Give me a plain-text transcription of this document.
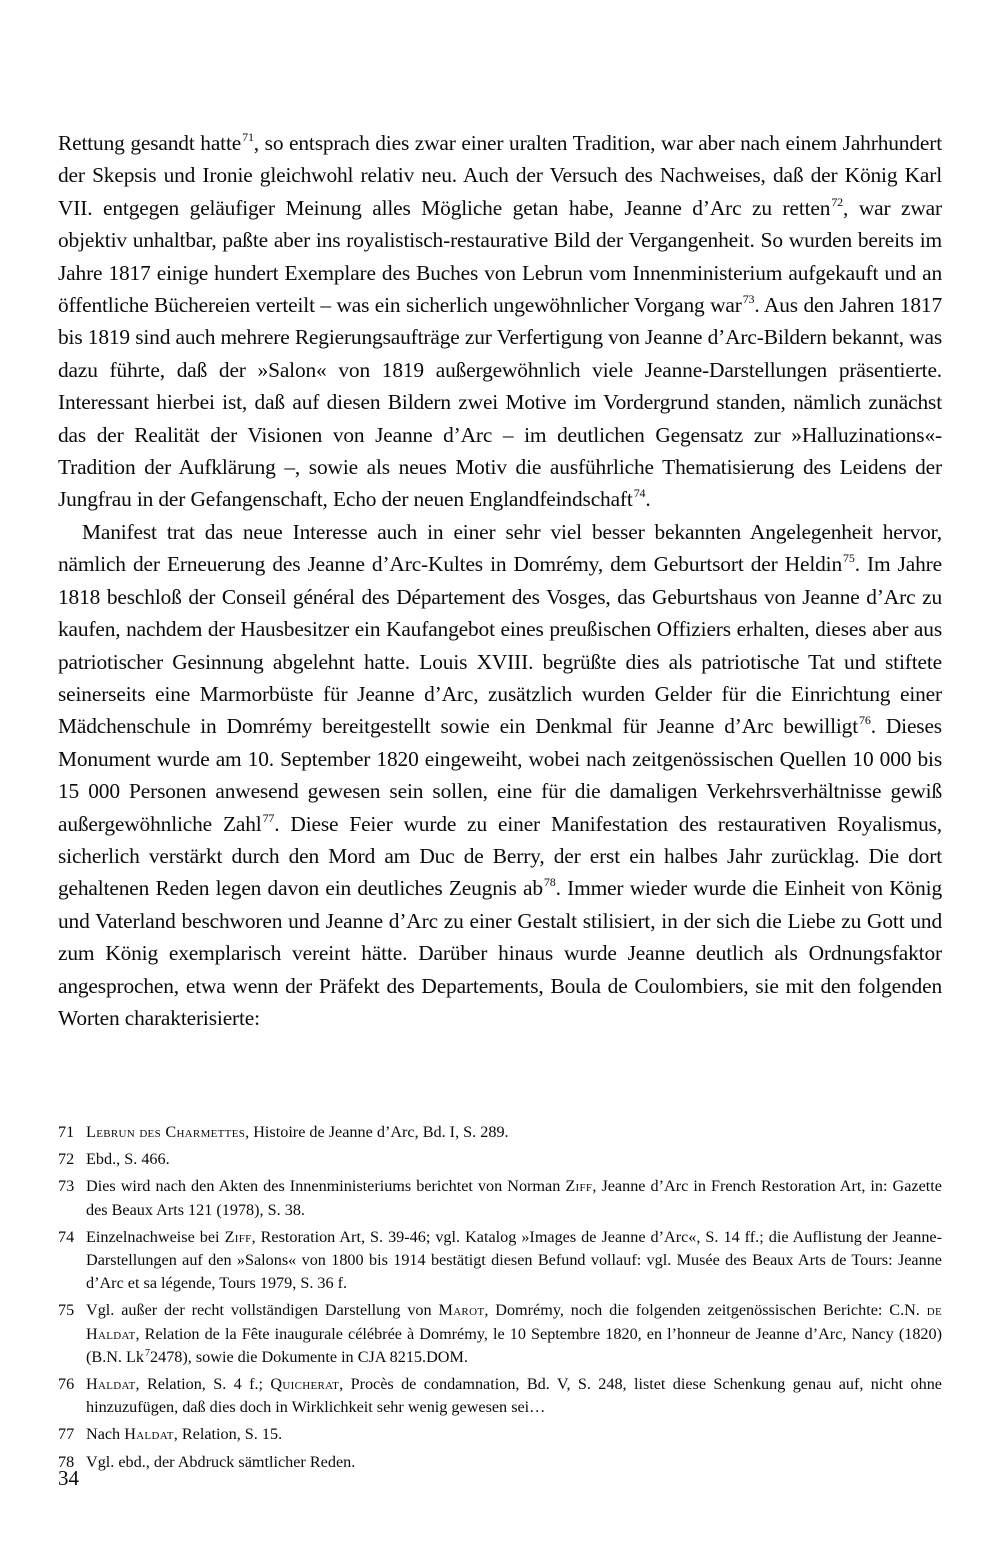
Rettung gesandt hatte$^{71}$, so entsprach dies zwar einer uralten Tradition, war aber nach einem Jahrhundert der Skepsis und Ironie gleichwohl relativ neu. Auch der Versuch des Nachweises, daß der König Karl VII. entgegen geläufiger Meinung alles Mögliche getan habe, Jeanne d’Arc zu retten$^{72}$, war zwar objektiv unhaltbar, paßte aber ins royalistisch-restaurative Bild der Vergangenheit. So wurden bereits im Jahre 1817 einige hundert Exemplare des Buches von Lebrun vom Innenministerium aufgekauft und an öffentliche Büchereien verteilt – was ein sicherlich ungewöhnlicher Vorgang war$^{73}$. Aus den Jahren 1817 bis 1819 sind auch mehrere Regierungsaufträge zur Verfertigung von Jeanne d’Arc-Bildern bekannt, was dazu führte, daß der »Salon« von 1819 außergewöhnlich viele Jeanne-Darstellungen präsentierte. Interessant hierbei ist, daß auf diesen Bildern zwei Motive im Vordergrund standen, nämlich zunächst das der Realität der Visionen von Jeanne d’Arc – im deutlichen Gegensatz zur »Halluzinations«-Tradition der Aufklärung –, sowie als neues Motiv die ausführliche Thematisierung des Leidens der Jungfrau in der Gefangenschaft, Echo der neuen Englandfeindschaft$^{74}$.

Manifest trat das neue Interesse auch in einer sehr viel besser bekannten Angelegenheit hervor, nämlich der Erneuerung des Jeanne d’Arc-Kultes in Domrémy, dem Geburtsort der Heldin$^{75}$. Im Jahre 1818 beschloß der Conseil général des Département des Vosges, das Geburtshaus von Jeanne d’Arc zu kaufen, nachdem der Hausbesitzer ein Kaufangebot eines preußischen Offiziers erhalten, dieses aber aus patriotischer Gesinnung abgelehnt hatte. Louis XVIII. begrüßte dies als patriotische Tat und stiftete seinerseits eine Marmorbüste für Jeanne d’Arc, zusätzlich wurden Gelder für die Einrichtung einer Mädchenschule in Domrémy bereitgestellt sowie ein Denkmal für Jeanne d’Arc bewilligt$^{76}$. Dieses Monument wurde am 10. September 1820 eingeweiht, wobei nach zeitgenössischen Quellen 10 000 bis 15 000 Personen anwesend gewesen sein sollen, eine für die damaligen Verkehrsverhältnisse gewiß außergewöhnliche Zahl$^{77}$. Diese Feier wurde zu einer Manifestation des restaurativen Royalismus, sicherlich verstärkt durch den Mord am Duc de Berry, der erst ein halbes Jahr zurücklag. Die dort gehaltenen Reden legen davon ein deutliches Zeugnis $ab^{78}$. Immer wieder wurde die Einheit von König und Vaterland beschworen und Jeanne d’Arc zu einer Gestalt stilisiert, in der sich die Liebe zu Gott und zum König exemplarisch vereint hätte. Darüber hinaus wurde Jeanne deutlich als Ordnungsfaktor angesprochen, etwa wenn der Präfekt des Departements, Boula de Coulombiers, sie mit den folgenden Worten charakterisierte:

71 Lebrun des Charmettes, Histoire de Jeanne d’Arc, Bd. I, S. 289.
72 Ebd., S. 466.
73 Dies wird nach den Akten des Innenministeriums berichtet von Norman Ziff, Jeanne d’Arc in French Restoration Art, in: Gazette des Beaux Arts 121 (1978), S. 38.
74 Einzelnachweise bei Ziff, Restoration Art, S. 39-46; vgl. Katalog »Images de Jeanne d’Arc«, S. 14 ff.; die Auflistung der Jeanne-Darstellungen auf den »Salons« von 1800 bis 1914 bestätigt diesen Befund vollauf: vgl. Musée des Beaux Arts de Tours: Jeanne d’Arc et sa légende, Tours 1979, S. 36 f.
75 Vgl. außer der recht vollständigen Darstellung von Marot, Domrémy, noch die folgenden zeitgenössischen Berichte: C.N. de Haldat, Relation de la Fête inaugurale célébrée à Domrémy, le 10 Septembre 1820, en l’honneur de Jeanne d’Arc, Nancy (1820) (B.N. Lk$^7$2478), sowie die Dokumente in CJA 8215.DOM.
76 Haldat, Relation, S. 4 f.; Quicherat, Procès de condamnation, Bd. V, S. 248, listet diese Schenkung genau auf, nicht ohne hinzuzufügen, daß dies doch in Wirklichkeit sehr wenig gewesen sei…
77 Nach Haldat, Relation, S. 15.
78 Vgl. ebd., der Abdruck sämtlicher Reden.
34
